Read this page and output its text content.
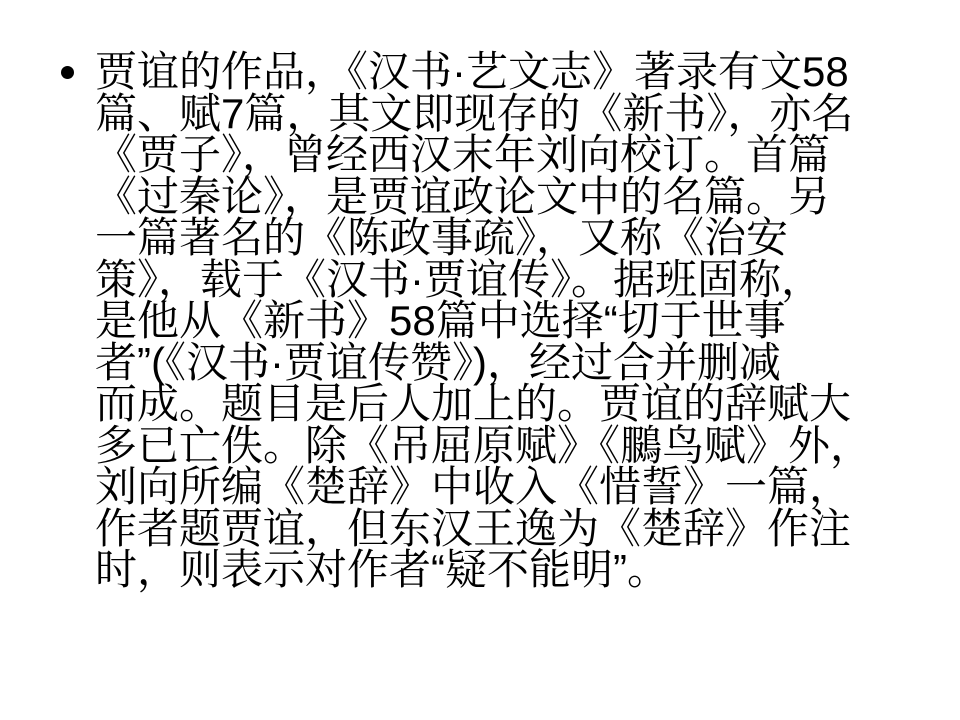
贾谊的作品，《汉书·艺文志》著录有文58
篇、赋7篇，其文即现存的《新书》，亦名
《贾子》，曾经西汉末年刘向校订。首篇
《过秦论》，是贾谊政论文中的名篇。另
一篇著名的《陈政事疏》，又称《治安
策》，载于《汉书·贾谊传》。据班固称，
是他从《新书》58篇中选择“切于世事
者”(《汉书·贾谊传赞》)，经过合并删减
而成。题目是后人加上的。贾谊的辞赋大
多已亡佚。除《吊屈原赋》《鵩鸟赋》外，
刘向所编《楚辞》中收入《惜誓》一篇，
作者题贾谊，但东汉王逸为《楚辞》作注
时，则表示对作者“疑不能明”。
